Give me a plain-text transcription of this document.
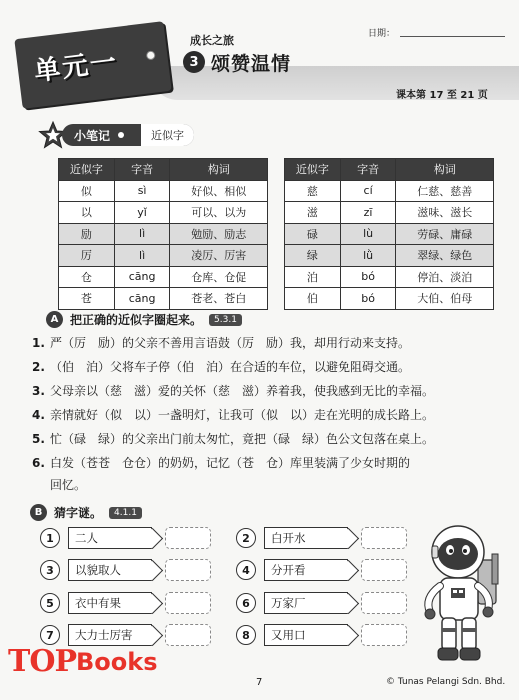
日期：
单元一
成长之旅
3 颂赞温情
课本第 17 至 21 页
小笔记	近似字
近似字	字音	构词
似	sì	好似、相似
以	yǐ	可以、以为
励	lì	勉励、励志
厉	lì	凌厉、厉害
仓	cāng	仓库、仓促
苍	cāng	苍老、苍白
近似字	字音	构词
慈	cí	仁慈、慈善
滋	zī	滋味、滋长
碌	lù	劳碌、庸碌
绿	lǜ	翠绿、绿色
泊	bó	停泊、淡泊
伯	bó	大伯、伯母
A 把正确的近似字圈起来。	5.3.1
1. 严（厉　励）的父亲不善用言语鼓（厉　励）我，却用行动来支持。
2. （伯　泊）父将车子停（伯　泊）在合适的车位，以避免阻碍交通。
3. 父母亲以（慈　滋）爱的关怀（慈　滋）养着我，使我感到无比的幸福。
4. 亲情就好（似　以）一盏明灯，让我可（似　以）走在光明的成长路上。
5. 忙（碌　绿）的父亲出门前太匆忙，竟把（碌　绿）色公文包落在桌上。
6. 白发（苍苍　仓仓）的奶奶，记忆（苍　仓）库里装满了少女时期的
回忆。
B 猜字谜。	4.1.1
1	二人	2	白开水
3	以貌取人	4	分开看
5	衣中有果	6	万家厂
7	大力士厉害	8	又用口
7	© Tunas Pelangi Sdn. Bhd.
TOP Books
